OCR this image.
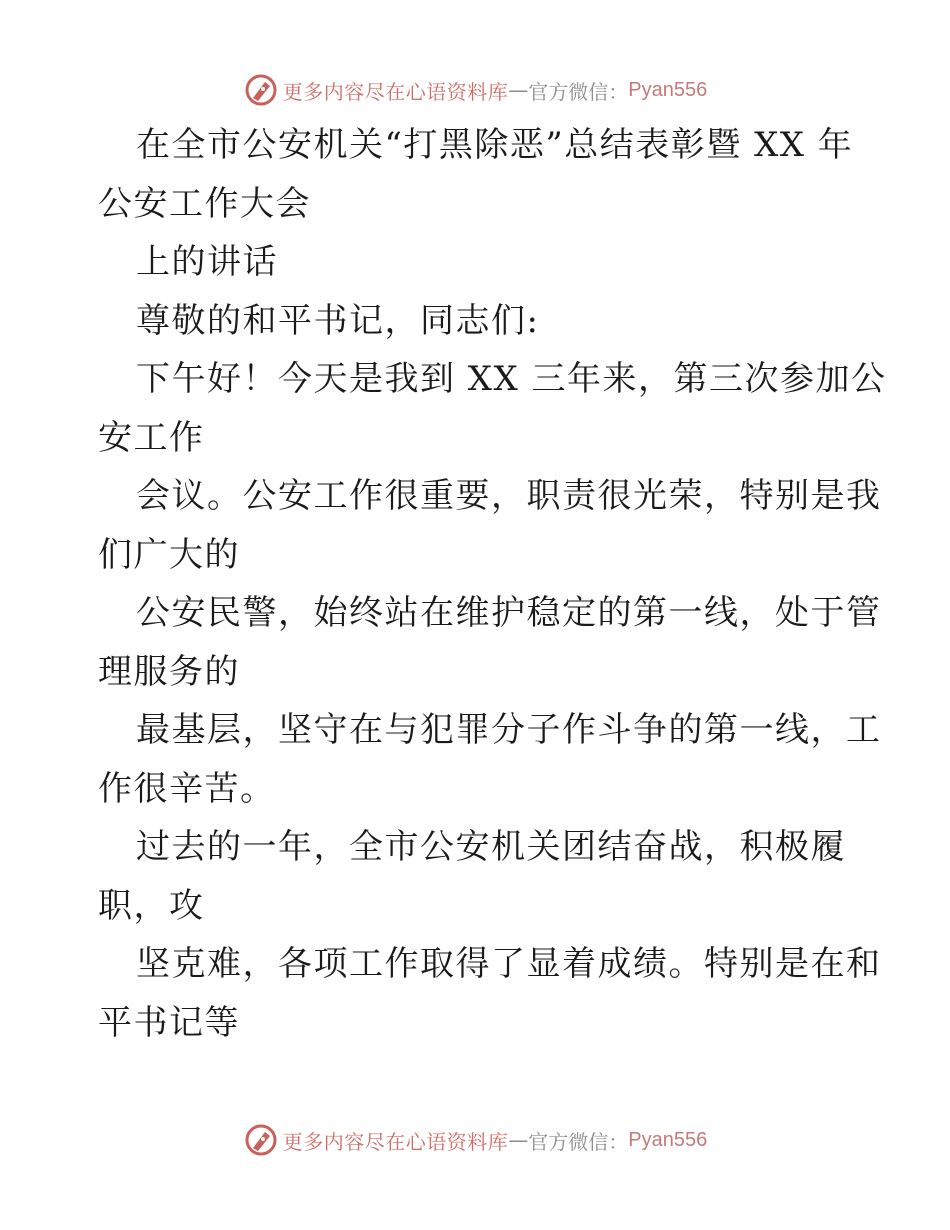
更多内容尽在心语资料库 — 官方微信： Pyan556

在全市公安机关“打黑除恶”总结表彰暨 XX 年

公安工作大会

上的讲话

尊敬的和平书记，同志们:

下午好！今天是我到 XX 三年来，第三次参加公

安工作

会议。公安工作很重要，职责很光荣，特别是我

们广大的

公安民警，始终站在维护稳定的第一线，处于管

理服务的

最基层，坚守在与犯罪分子作斗争的第一线，工

作很辛苦。

过去的一年，全市公安机关团结奋战，积极履

职，攻

坚克难，各项工作取得了显着成绩。特别是在和

平书记等

更多内容尽在心语资料库 — 官方微信： Pyan556
